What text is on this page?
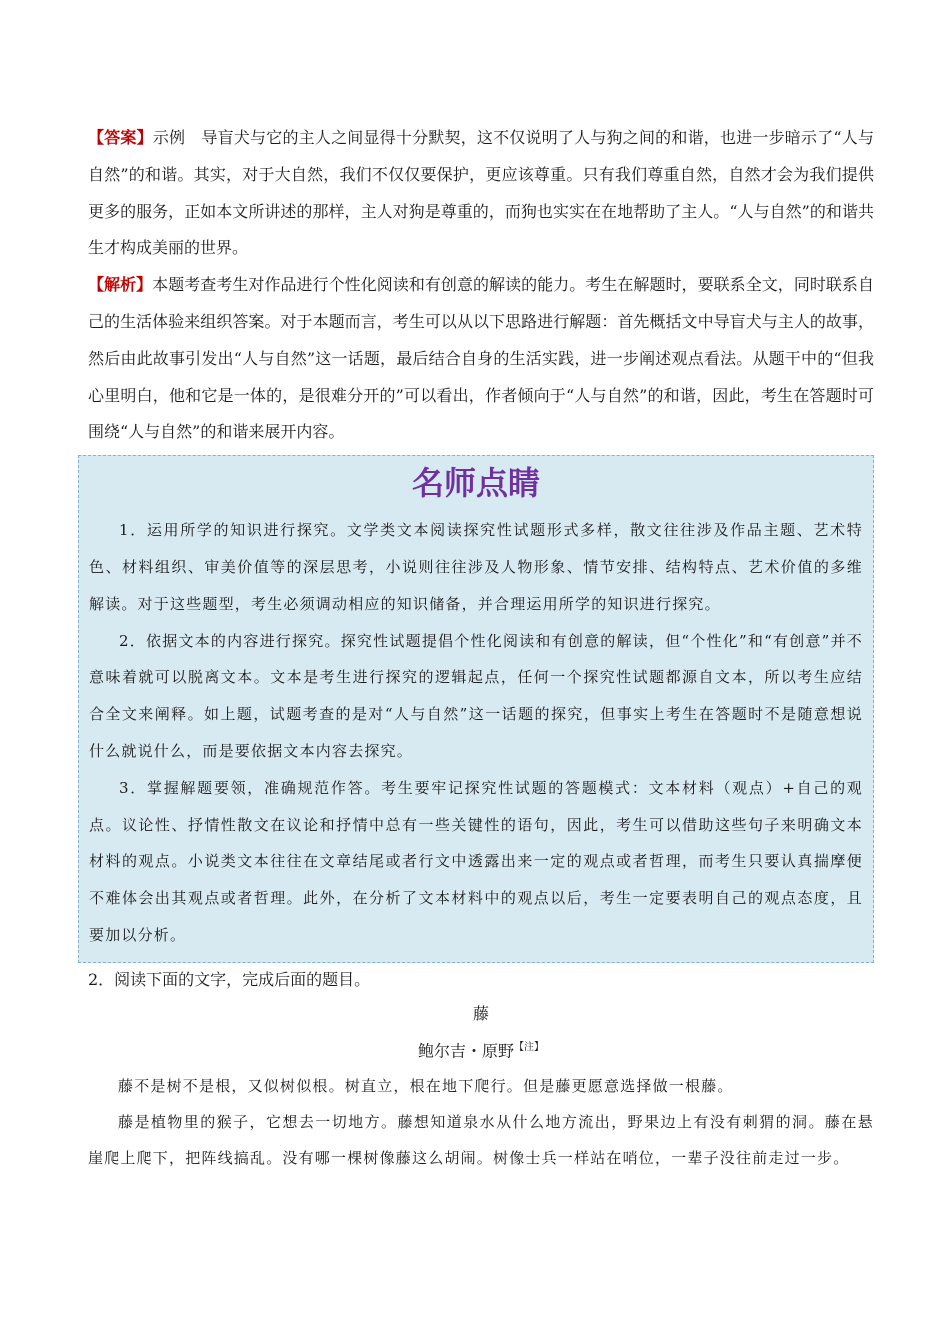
【答案】示例　导盲犬与它的主人之间显得十分默契，这不仅说明了人与狗之间的和谐，也进一步暗示了“人与自然”的和谐。其实，对于大自然，我们不仅仅要保护，更应该尊重。只有我们尊重自然，自然才会为我们提供更多的服务，正如本文所讲述的那样，主人对狗是尊重的，而狗也实实在在地帮助了主人。“人与自然”的和谐共生才构成美丽的世界。

【解析】本题考查考生对作品进行个性化阅读和有创意的解读的能力。考生在解题时，要联系全文，同时联系自己的生活体验来组织答案。对于本题而言，考生可以从以下思路进行解题：首先概括文中导盲犬与主人的故事，然后由此故事引发出“人与自然”这一话题，最后结合自身的生活实践，进一步阐述观点看法。从题干中的“但我心里明白，他和它是一体的，是很难分开的”可以看出，作者倾向于“人与自然”的和谐，因此，考生在答题时可围绕“人与自然”的和谐来展开内容。

名师点睛

1．运用所学的知识进行探究。文学类文本阅读探究性试题形式多样，散文往往涉及作品主题、艺术特色、材料组织、审美价值等的深层思考，小说则往往涉及人物形象、情节安排、结构特点、艺术价值的多维解读。对于这些题型，考生必须调动相应的知识储备，并合理运用所学的知识进行探究。

2．依据文本的内容进行探究。探究性试题提倡个性化阅读和有创意的解读，但“个性化”和“有创意”并不意味着就可以脱离文本。文本是考生进行探究的逻辑起点，任何一个探究性试题都源自文本，所以考生应结合全文来阐释。如上题，试题考查的是对“人与自然”这一话题的探究，但事实上考生在答题时不是随意想说什么就说什么，而是要依据文本内容去探究。

3．掌握解题要领，准确规范作答。考生要牢记探究性试题的答题模式：文本材料（观点）+自己的观点。议论性、抒情性散文在议论和抒情中总有一些关键性的语句，因此，考生可以借助这些句子来明确文本材料的观点。小说类文本往往在文章结尾或者行文中透露出来一定的观点或者哲理，而考生只要认真揣摩便不难体会出其观点或者哲理。此外，在分析了文本材料中的观点以后，考生一定要表明自己的观点态度，且要加以分析。

2．阅读下面的文字，完成后面的题目。

藤

鲍尔吉・原野$^{【注】}$

藤不是树不是根，又似树似根。树直立，根在地下爬行。但是藤更愿意选择做一根藤。

藤是植物里的猴子，它想去一切地方。藤想知道泉水从什么地方流出，野果边上有没有刺猬的洞。藤在悬崖爬上爬下，把阵线搞乱。没有哪一棵树像藤这么胡闹。树像士兵一样站在哨位，一辈子没往前走过一步。
